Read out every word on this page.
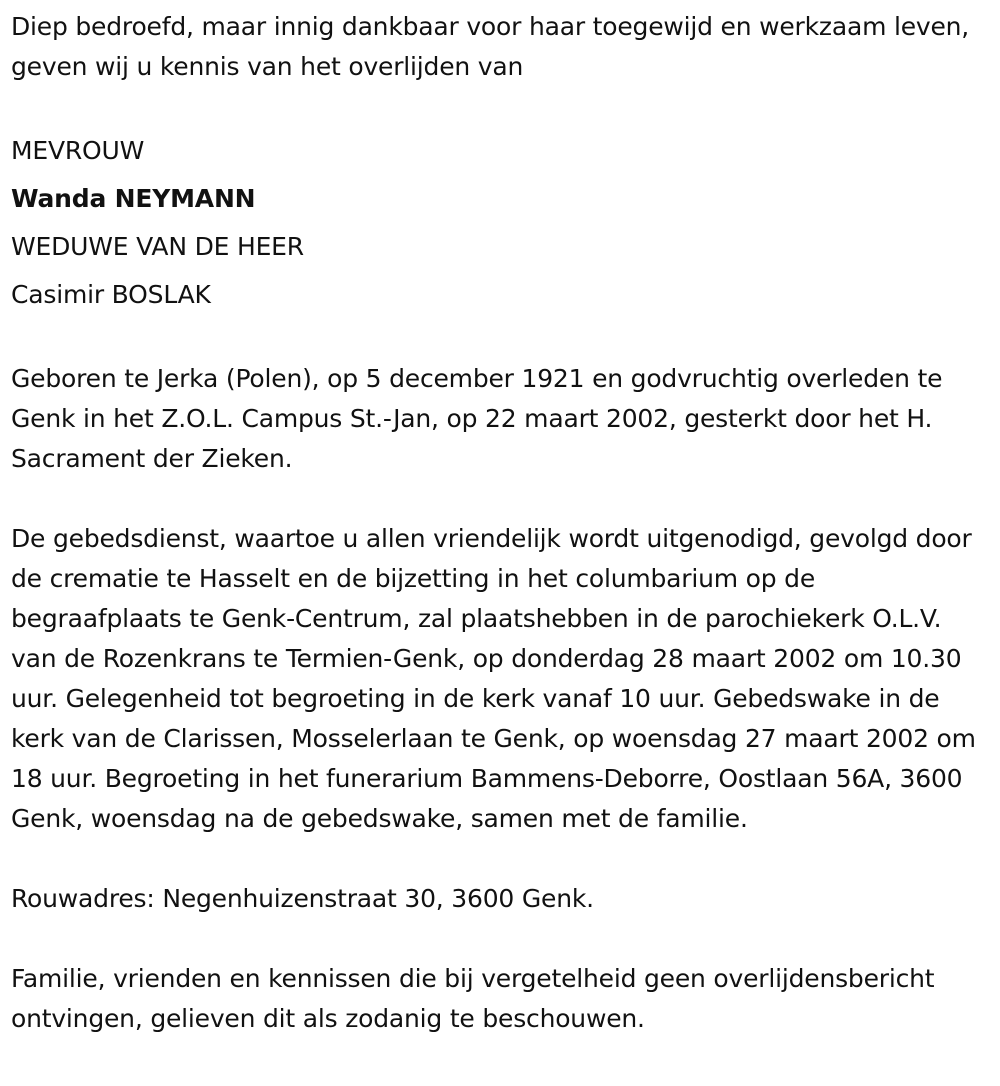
Diep bedroefd, maar innig dankbaar voor haar toegewijd en werkzaam leven, geven wij u kennis van het overlijden van

MEVROUW

Wanda NEYMANN

WEDUWE VAN DE HEER

Casimir BOSLAK

Geboren te Jerka (Polen), op 5 december 1921 en godvruchtig overleden te Genk in het Z.O.L. Campus St.-Jan, op 22 maart 2002, gesterkt door het H. Sacrament der Zieken.

De gebedsdienst, waartoe u allen vriendelijk wordt uitgenodigd, gevolgd door de crematie te Hasselt en de bijzetting in het columbarium op de begraafplaats te Genk-Centrum, zal plaatshebben in de parochiekerk O.L.V. van de Rozenkrans te Termien-Genk, op donderdag 28 maart 2002 om 10.30 uur. Gelegenheid tot begroeting in de kerk vanaf 10 uur. Gebedswake in de kerk van de Clarissen, Mosselerlaan te Genk, op woensdag 27 maart 2002 om 18 uur. Begroeting in het funerarium Bammens-Deborre, Oostlaan 56A, 3600 Genk, woensdag na de gebedswake, samen met de familie.

Rouwadres: Negenhuizenstraat 30, 3600 Genk.

Familie, vrienden en kennissen die bij vergetelheid geen overlijdensbericht ontvingen, gelieven dit als zodanig te beschouwen.
